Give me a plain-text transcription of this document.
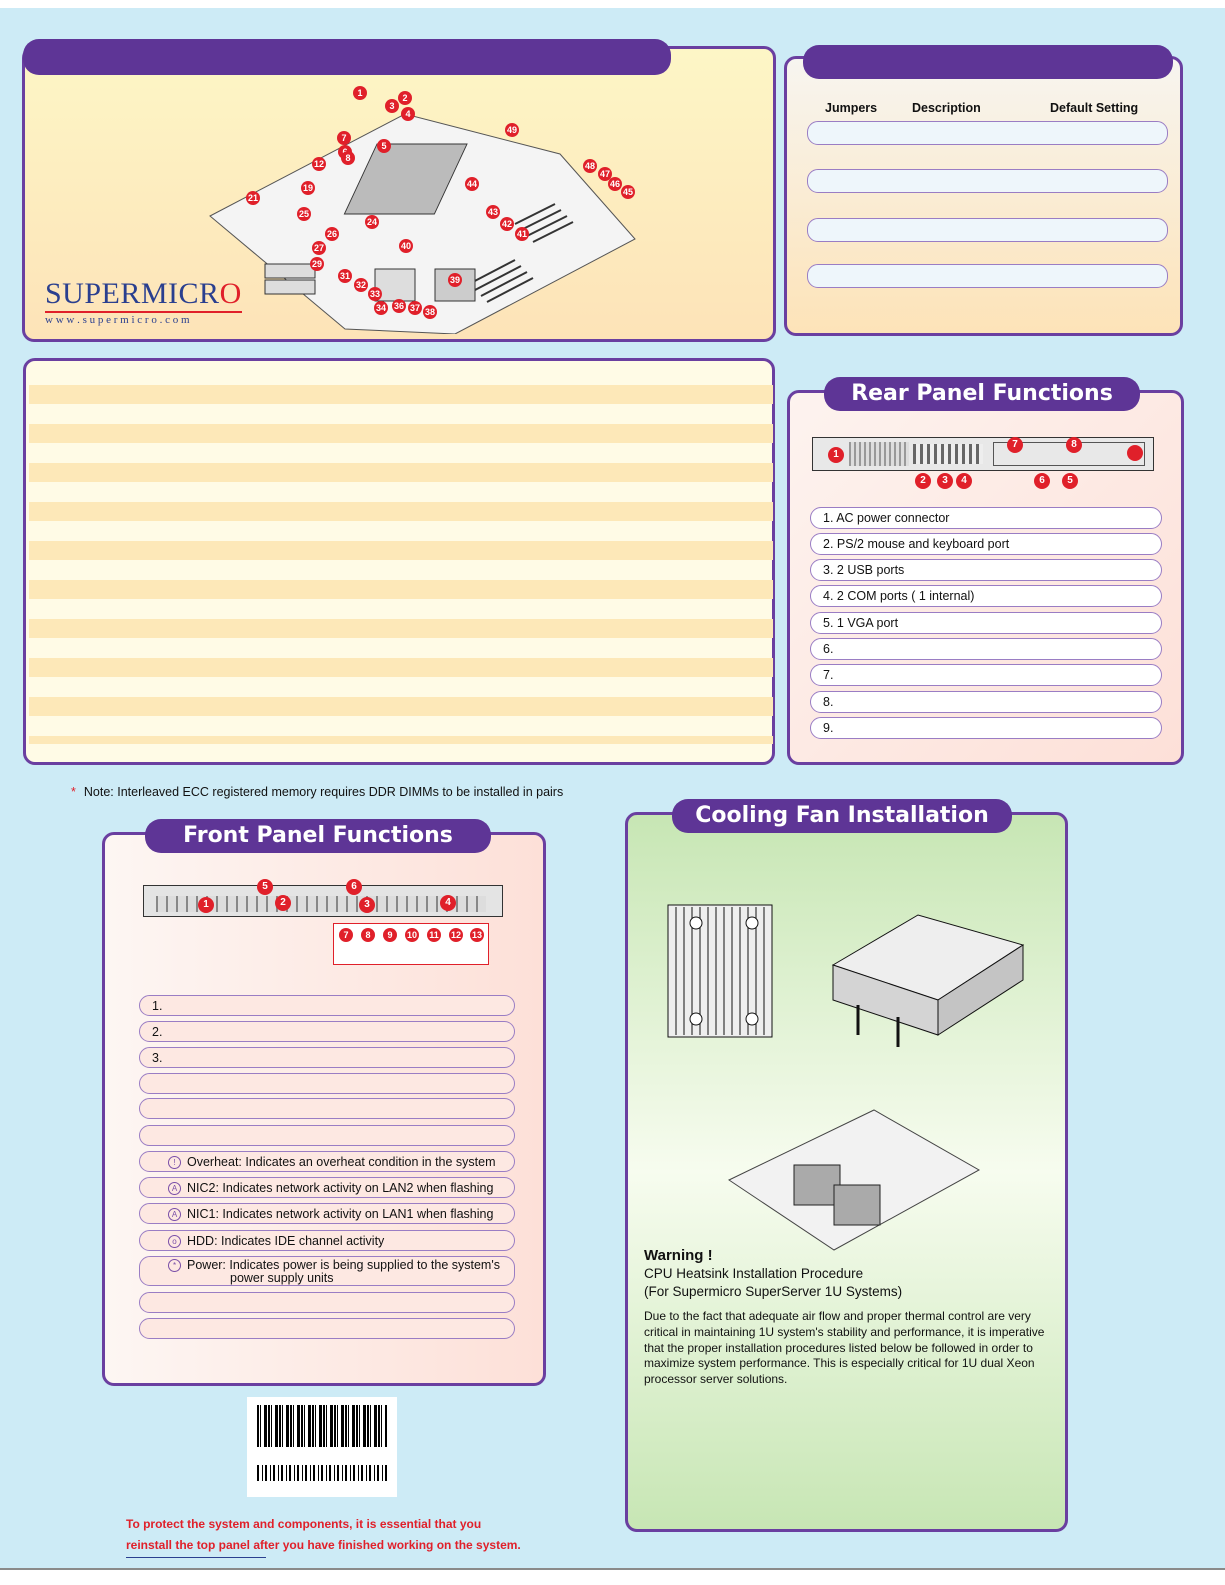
1	2
3
4
5
7
8
12
19
21
25
26
27
29
24
40
39
31
32
33
34 36 37 38
44
43
42
41
49
48
47
46
45
SUPERMICRO
w w w . s u p e r m i c r o . c o m
Jumpers	Description	Default Setting
Rear Panel Functions
1
2	3	4	5
6
7	8
1. AC power connector
2. PS/2 mouse and keyboard port
3. 2 USB ports
4. 2 COM ports ( 1 internal)
5. 1 VGA port
6.
7.
8.
9.
* Note: Interleaved ECC registered memory requires DDR DIMMs to be installed in pairs
Front Panel Functions
1	2	3	4
5	6
7	8	9	10 11 12 13
1.
2.
3.
! Overheat: Indicates an overheat condition in the system
A NIC2: Indicates network activity on LAN2 when flashing
A NIC1: Indicates network activity on LAN1 when flashing
o HDD: Indicates IDE channel activity
* Power: Indicates power is being supplied to the system's
power supply units
To protect the system and components, it is essential that you
reinstall the top panel after you have finished working on the system.
Cooling Fan Installation
Warning !
CPU Heatsink Installation Procedure
(For Supermicro SuperServer 1U Systems)
Due to the fact that adequate air flow and proper thermal control are very critical in maintaining 1U system's stability and performance, it is imperative that the proper installation procedures listed below be followed in order to maximize system performance. This is especially critical for 1U dual Xeon processor server solutions.
